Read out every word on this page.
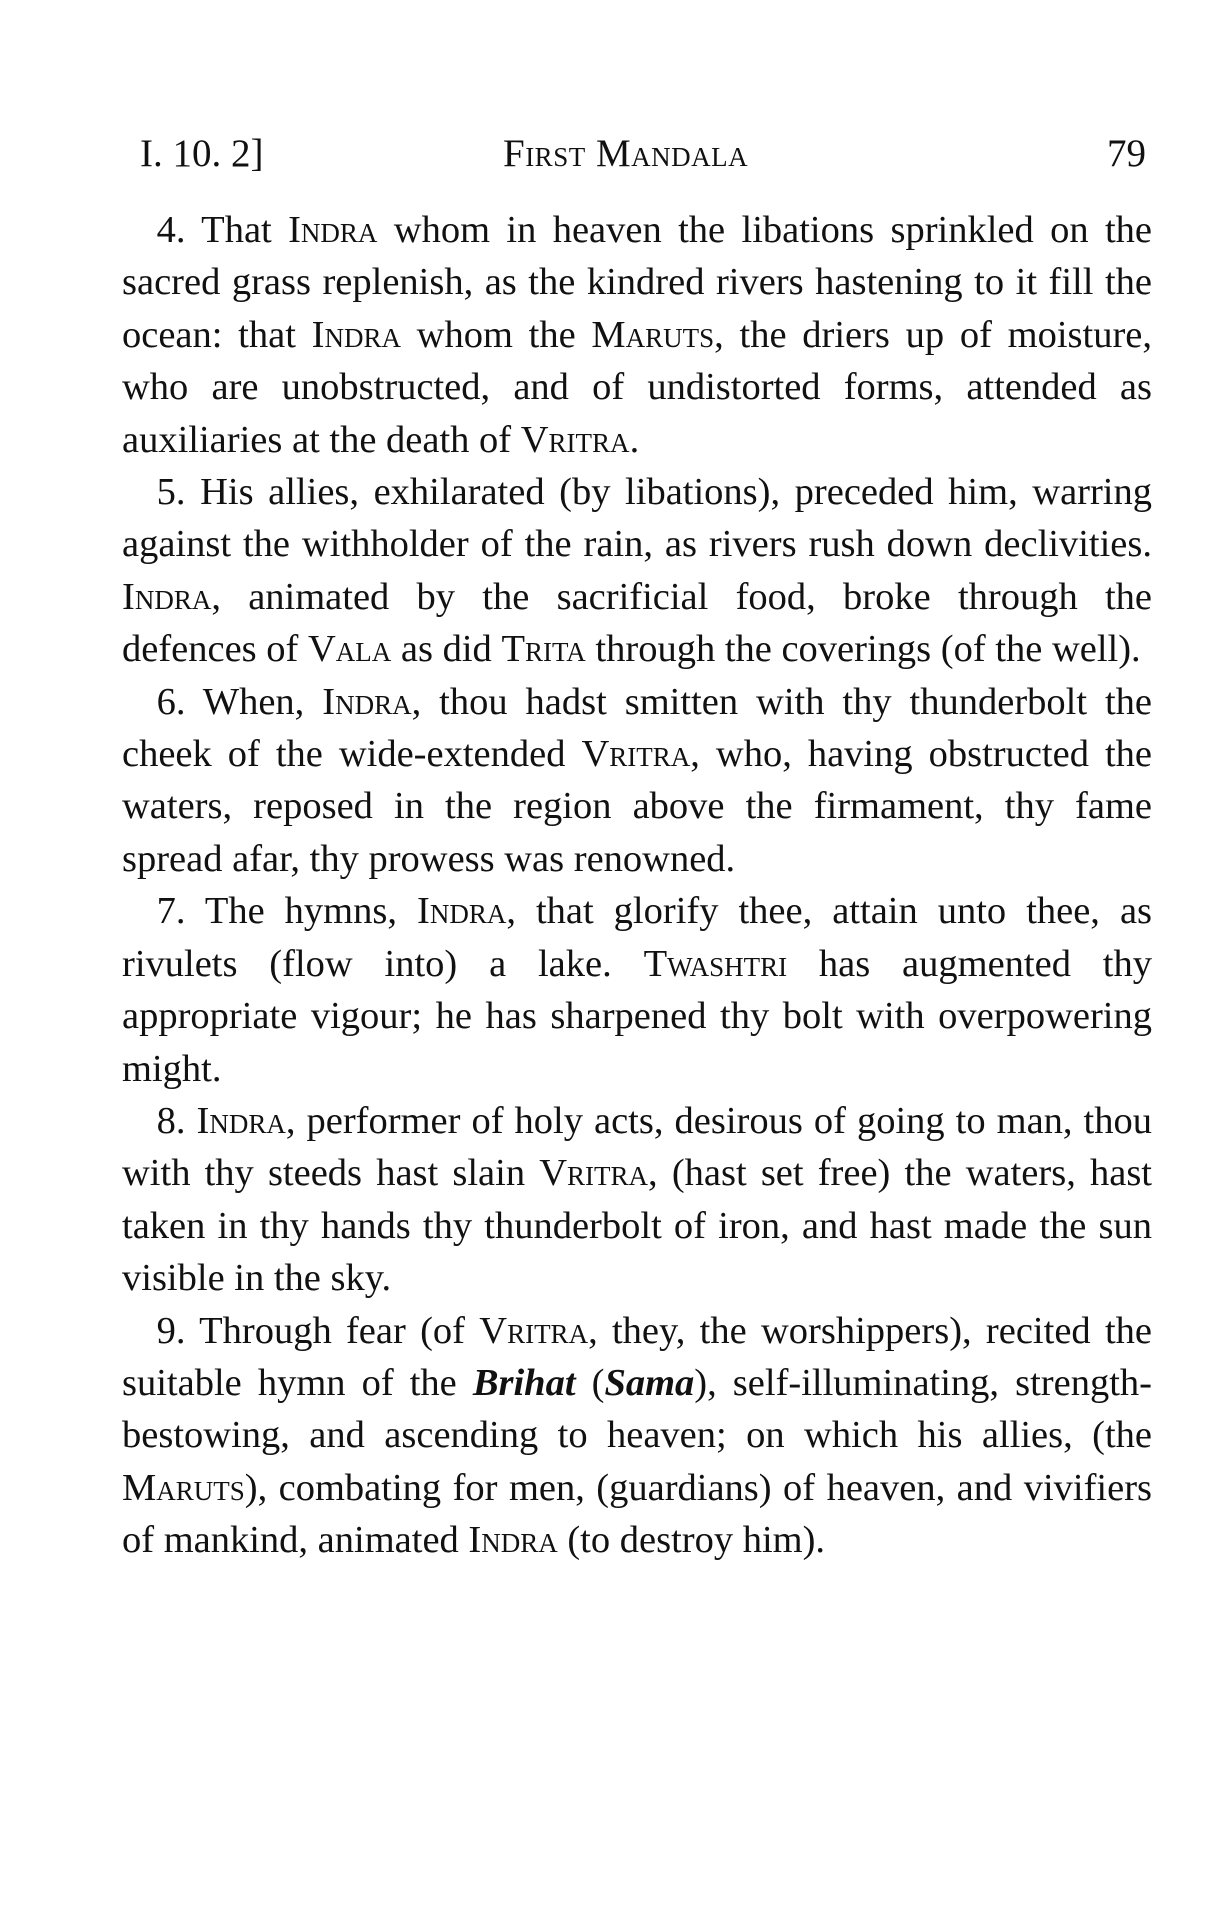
I. 10. 2]	First Mandala	79

4. That Indra whom in heaven the libations sprinkled on the sacred grass replenish, as the kindred rivers hastening to it fill the ocean: that Indra whom the Maruts, the driers up of moisture, who are unobstructed, and of undistorted forms, attended as auxiliaries at the death of Vritra.

5. His allies, exhilarated (by libations), preceded him, warring against the withholder of the rain, as rivers rush down declivities. Indra, animated by the sacrificial food, broke through the defences of Vala as did Trita through the coverings (of the well).

6. When, Indra, thou hadst smitten with thy thunderbolt the cheek of the wide-extended Vritra, who, having obstructed the waters, reposed in the region above the firmament, thy fame spread afar, thy prowess was renowned.

7. The hymns, Indra, that glorify thee, attain unto thee, as rivulets (flow into) a lake. Twashtri has augmented thy appropriate vigour; he has sharpened thy bolt with overpowering might.

8. Indra, performer of holy acts, desirous of going to man, thou with thy steeds hast slain Vritra, (hast set free) the waters, hast taken in thy hands thy thunderbolt of iron, and hast made the sun visible in the sky.

9. Through fear (of Vritra, they, the worshippers), recited the suitable hymn of the Brihat (Sama), self-illuminating, strength-bestowing, and ascending to heaven; on which his allies, (the Maruts), combating for men, (guardians) of heaven, and vivifiers of mankind, animated Indra (to destroy him).
